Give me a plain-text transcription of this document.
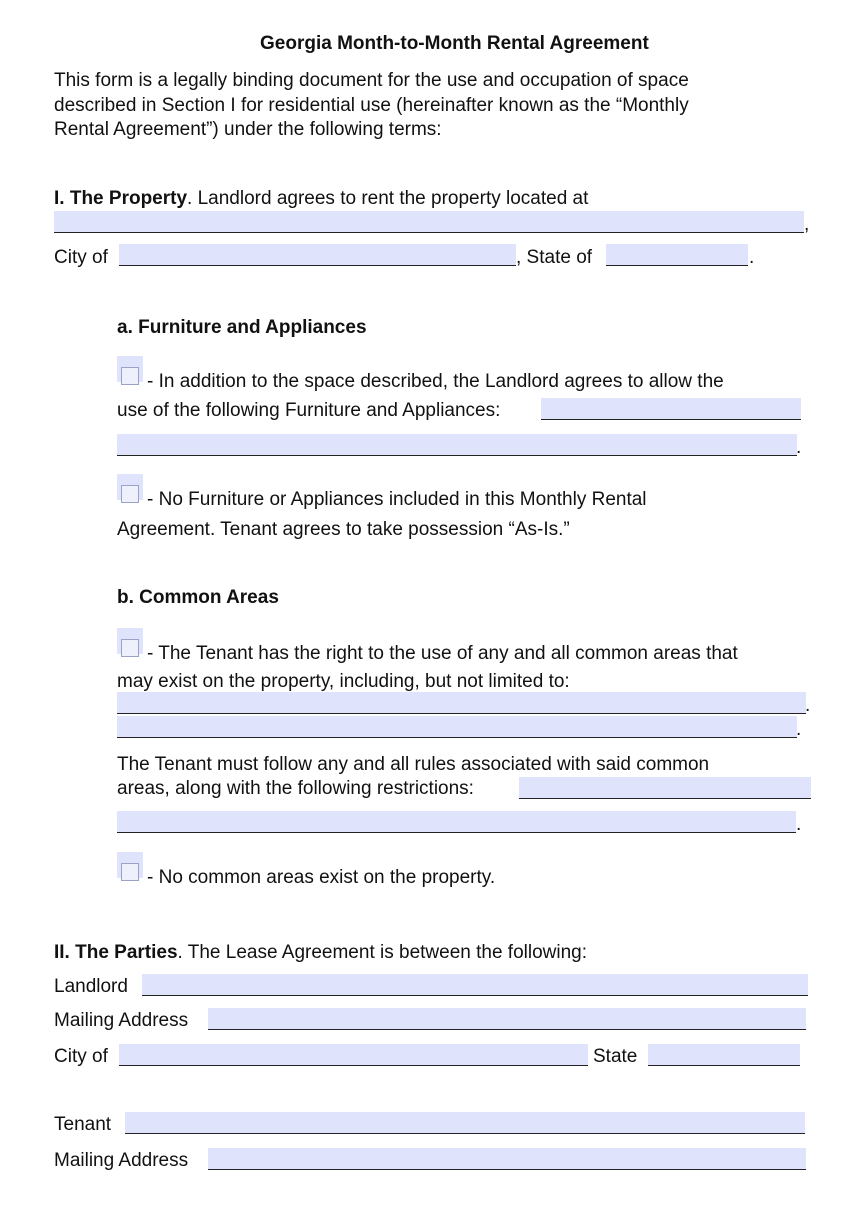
Georgia Month-to-Month Rental Agreement
This form is a legally binding document for the use and occupation of space
described in Section I for residential use (hereinafter known as the “Monthly
Rental Agreement”) under the following terms:
I. The Property. Landlord agrees to rent the property located at
,
City of	, State of	.
a. Furniture and Appliances
- In addition to the space described, the Landlord agrees to allow the
use of the following Furniture and Appliances:
.
- No Furniture or Appliances included in this Monthly Rental
Agreement. Tenant agrees to take possession “As-Is.”
b. Common Areas
- The Tenant has the right to the use of any and all common areas that
may exist on the property, including, but not limited to:
.
.
The Tenant must follow any and all rules associated with said common
areas, along with the following restrictions:
.
- No common areas exist on the property.
II. The Parties. The Lease Agreement is between the following:
Landlord
Mailing Address
City of	State
Tenant
Mailing Address
